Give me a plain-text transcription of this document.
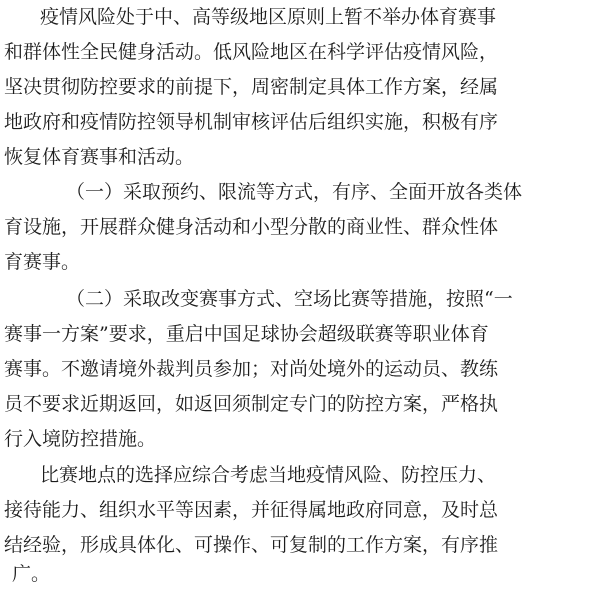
疫情风险处于中、高等级地区原则上暂不举办体育赛事

和群体性全民健身活动。低风险地区在科学评估疫情风险，

坚决贯彻防控要求的前提下，周密制定具体工作方案，经属

地政府和疫情防控领导机制审核评估后组织实施，积极有序

恢复体育赛事和活动。

（一）采取预约、限流等方式，有序、全面开放各类体

育设施，开展群众健身活动和小型分散的商业性、群众性体

育赛事。

（二）采取改变赛事方式、空场比赛等措施，按照“一

赛事一方案”要求，重启中国足球协会超级联赛等职业体育

赛事。不邀请境外裁判员参加；对尚处境外的运动员、教练

员不要求近期返回，如返回须制定专门的防控方案，严格执

行入境防控措施。

比赛地点的选择应综合考虑当地疫情风险、防控压力、

接待能力、组织水平等因素，并征得属地政府同意，及时总

结经验，形成具体化、可操作、可复制的工作方案，有序推

广。
